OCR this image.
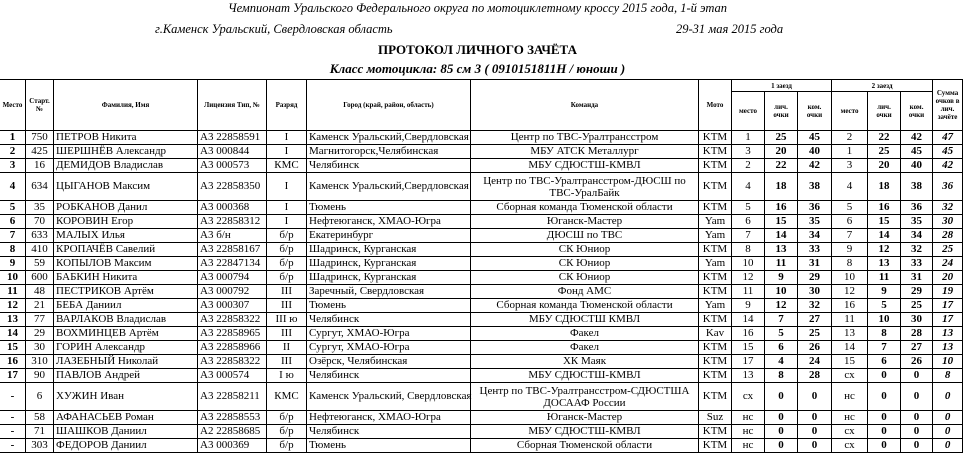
Чемпионат Уральского Федерального округа по мотоциклетному кроссу 2015 года, 1-й этап
г.Каменск Уральский, Свердловская область	29-31 мая 2015 года
ПРОТОКОЛ ЛИЧНОГО ЗАЧЁТА
Класс мотоцикла: 85 см 3 ( 0910151811Н / юноши )
Место	Старт. №	Фамилия, Имя	Лицензия Тип, №	Разряд	Город (край, район, область)	Команда	Мото	1 заезд			2 заезд			Сумма очков в лич. зачёте
								место	лич. очки	ком. очки	место	лич. очки	ком. очки	
1	750	ПЕТРОВ Никита	А3 22858591	I	Каменск Уральский,Свердловская	Центр по ТВС-Уралтрансстром	KTM	1	25	45	2	22	42	47
2	425	ШЕРШНЁВ Александр	А3 000844	I	Магнитогорск,Челябинская	МБУ АТСК Металлург	KTM	3	20	40	1	25	45	45
3	16	ДЕМИДОВ Владислав	А3 000573	КМС	Челябинск	МБУ СДЮСТШ-КМВЛ	KTM	2	22	42	3	20	40	42
4	634	ЦЫГАНОВ Максим	А3 22858350	I	Каменск Уральский,Свердловская	Центр по ТВС-Уралтрансстром-ДЮСШ по ТВС-УралБайк	KTM	4	18	38	4	18	38	36
5	35	РОБКАНОВ Данил	А3 000368	I	Тюмень	Сборная команда Тюменской области	KTM	5	16	36	5	16	36	32
6	70	КОРОВИН Егор	А3 22858312	I	Нефтеюганск, ХМАО-Югра	Юганск-Мастер	Yam	6	15	35	6	15	35	30
7	633	МАЛЫХ Илья	А3 б/н	б/р	Екатеринбург	ДЮСШ по ТВС	Yam	7	14	34	7	14	34	28
8	410	КРОПАЧЁВ Савелий	А3 22858167	б/р	Шадринск, Курганская	СК Юниор	KTM	8	13	33	9	12	32	25
9	59	КОПЫЛОВ Максим	А3 22847134	б/р	Шадринск, Курганская	СК Юниор	Yam	10	11	31	8	13	33	24
10	600	БАБКИН Никита	А3 000794	б/р	Шадринск, Курганская	СК Юниор	KTM	12	9	29	10	11	31	20
11	48	ПЕСТРИКОВ Артём	А3 000792	III	Заречный, Свердловская	Фонд АМС	KTM	11	10	30	12	9	29	19
12	21	БЕБА Даниил	А3 000307	III	Тюмень	Сборная команда Тюменской области	Yam	9	12	32	16	5	25	17
13	77	ВАРЛАКОВ Владислав	А3 22858322	III ю	Челябинск	МБУ СДЮСТШ КМВЛ	KTM	14	7	27	11	10	30	17
14	29	ВОХМИНЦЕВ Артём	А3 22858965	III	Сургут, ХМАО-Югра	Факел	Kav	16	5	25	13	8	28	13
15	30	ГОРИН Александр	А3 22858966	II	Сургут, ХМАО-Югра	Факел	KTM	15	6	26	14	7	27	13
16	310	ЛАЗЕБНЫЙ Николай	А3 22858322	III	Озёрск, Челябинская	ХК Маяк	KTM	17	4	24	15	6	26	10
17	90	ПАВЛОВ Андрей	А3 000574	I ю	Челябинск	МБУ СДЮСТШ-КМВЛ	KTM	13	8	28	сх	0	0	8
-	6	ХУЖИН Иван	А3 22858211	КМС	Каменск Уральский, Свердловская	Центр по ТВС-Уралтрансстром-СДЮСТША ДОСААФ России	KTM	сх	0	0	нс	0	0	0
-	58	АФАНАСЬЕВ Роман	А3 22858553	б/р	Нефтеюганск, ХМАО-Югра	Юганск-Мастер	Suz	нс	0	0	нс	0	0	0
-	71	ШАШКОВ Даниил	А2 22858685	б/р	Челябинск	МБУ СДЮСТШ-КМВЛ	KTM	нс	0	0	сх	0	0	0
-	303	ФЕДОРОВ Даниил	А3 000369	б/р	Тюмень	Сборная Тюменской области	KTM	нс	0	0	сх	0	0	0
